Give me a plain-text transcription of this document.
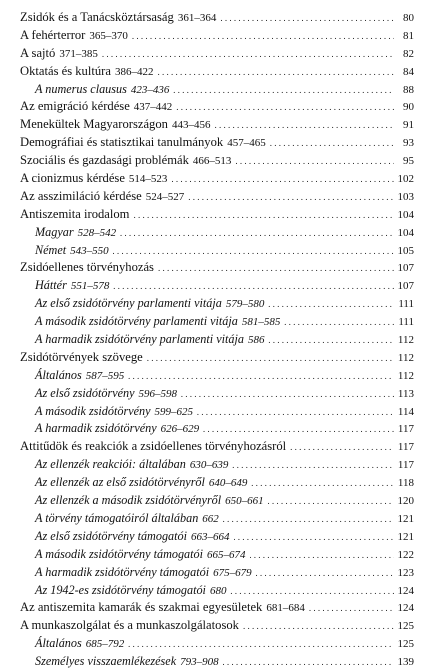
Zsidók és a Tanácsköztársaság 361–364 . . .	80
A fehérterror 365–370 . . .	81
A sajtó 371–385 . . .	82
Oktatás és kultúra 386–422 . . .	84
A numerus clausus 423–436 . . .	88
Az emigráció kérdése 437–442 . . .	90
Menekültek Magyarországon 443–456 . . .	91
Demográfiai és statisztikai tanulmányok 457–465 . . .	93
Szociális és gazdasági problémák 466–513 . . .	95
A cionizmus kérdése 514–523 . . .	102
Az asszimiláció kérdése 524–527 . . .	103
Antiszemita irodalom . . .	104
Magyar 528–542 . . .	104
Német 543–550 . . .	105
Zsidóellenes törvényhozás . . .	107
Háttér 551–578 . . .	107
Az első zsidótörvény parlamenti vitája 579–580 . . .	111
A második zsidótörvény parlamenti vitája 581–585 . . .	111
A harmadik zsidótörvény parlamenti vitája 586 . . .	112
Zsidótörvények szövege . . .	112
Általános 587–595 . . .	112
Az első zsidótörvény 596–598 . . .	113
A második zsidótörvény 599–625 . . .	114
A harmadik zsidótörvény 626–629 . . .	117
Attitűdök és reakciók a zsidóellenes törvényhozásról . . .	117
Az ellenzék reakciói: általában 630–639 . . .	117
Az ellenzék az első zsidótörvényről 640–649 . . .	118
Az ellenzék a második zsidótörvényről 650–661 . . .	120
A törvény támogatóiról általában 662 . . .	121
Az első zsidótörvény támogatói 663–664 . . .	121
A második zsidótörvény támogatói 665–674 . . .	122
A harmadik zsidótörvény támogatói 675–679 . . .	123
Az 1942-es zsidótörvény támogatói 680 . . .	124
Az antiszemita kamarák és szakmai egyesületek 681–684 . . .	124
A munkaszolgálat és a munkaszolgálatosok . . .	125
Általános 685–792 . . .	125
Személyes visszaemlékezések 793–908 . . .	139
